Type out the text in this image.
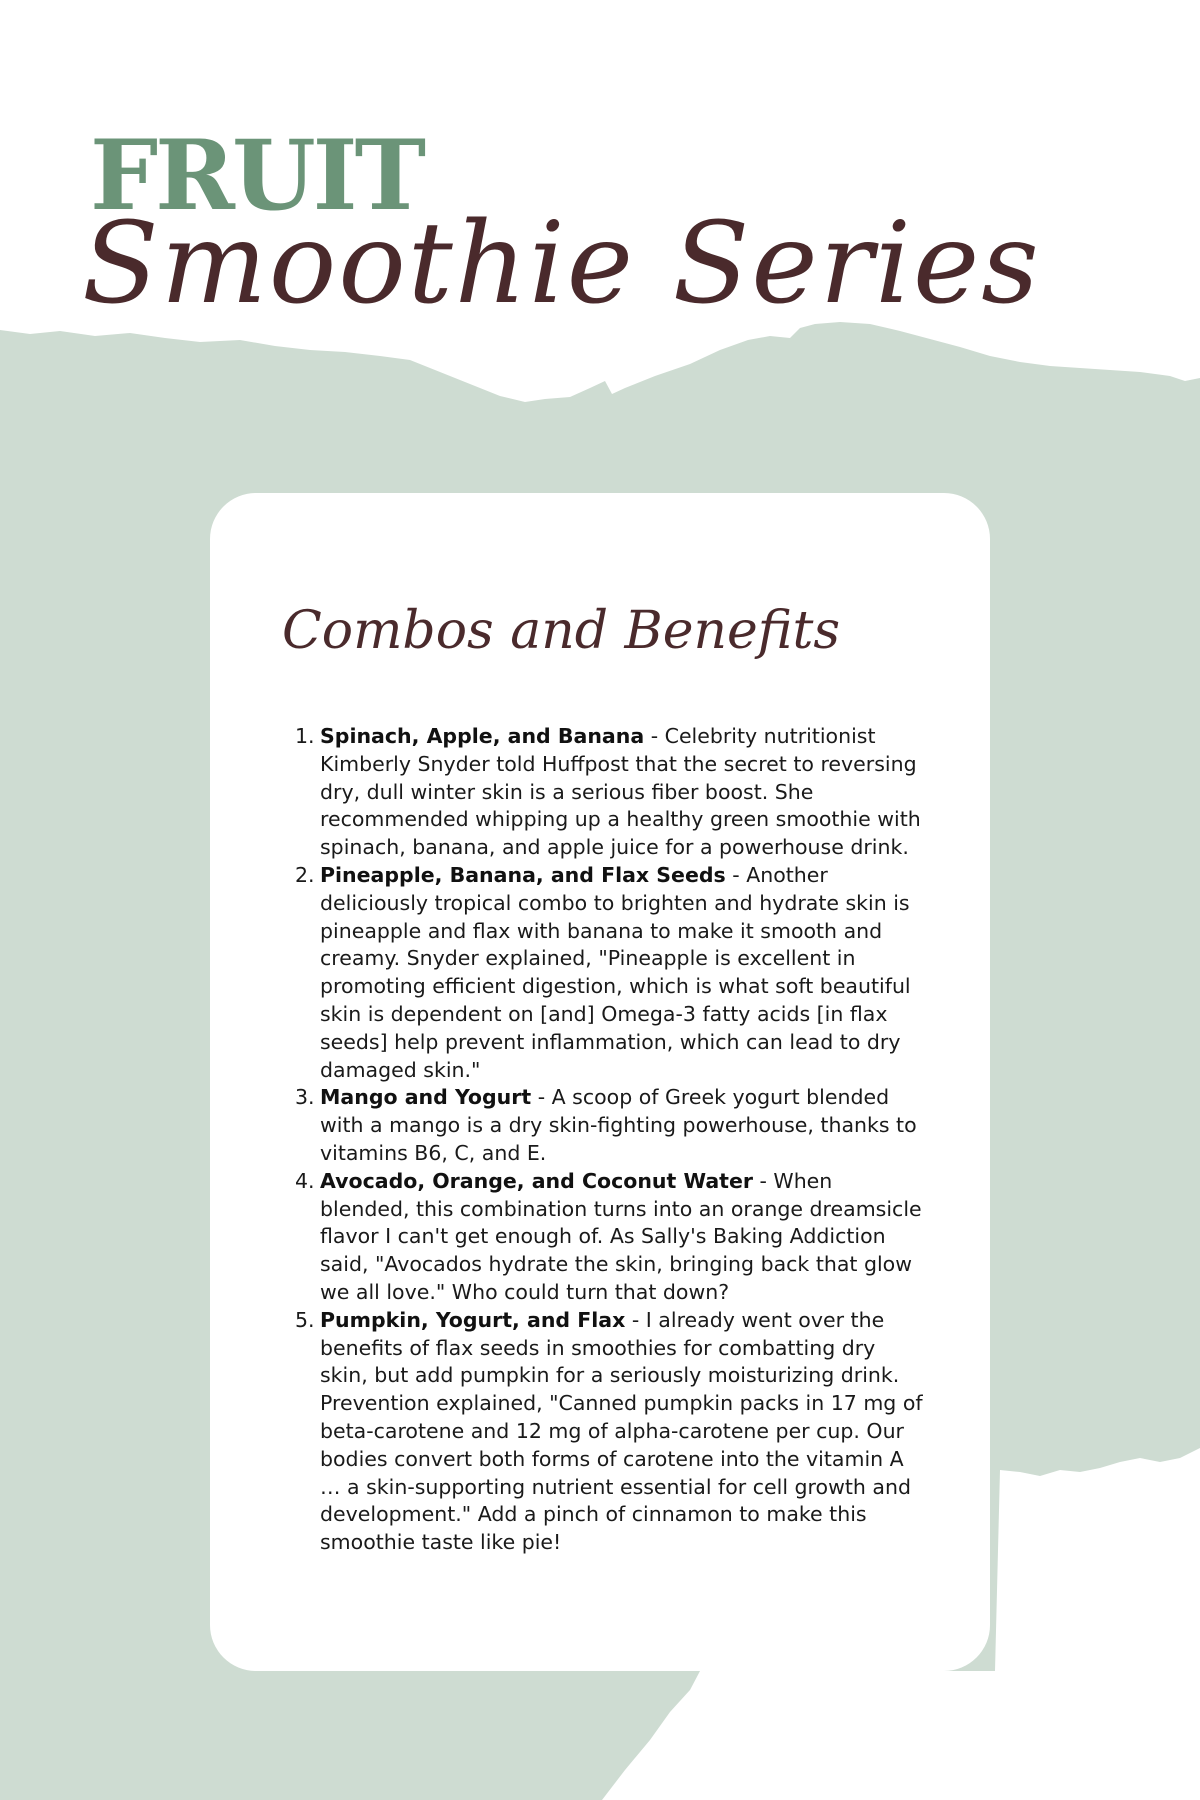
FRUIT
Smoothie Series
Combos and Benefits
1. Spinach, Apple, and Banana - Celebrity nutritionist Kimberly Snyder told Huffpost that the secret to reversing dry, dull winter skin is a serious fiber boost. She recommended whipping up a healthy green smoothie with spinach, banana, and apple juice for a powerhouse drink.
2. Pineapple, Banana, and Flax Seeds - Another deliciously tropical combo to brighten and hydrate skin is pineapple and flax with banana to make it smooth and creamy. Snyder explained, "Pineapple is excellent in promoting efficient digestion, which is what soft beautiful skin is dependent on [and] Omega-3 fatty acids [in flax seeds] help prevent inflammation, which can lead to dry damaged skin."
3. Mango and Yogurt - A scoop of Greek yogurt blended with a mango is a dry skin-fighting powerhouse, thanks to vitamins B6, C, and E.
4. Avocado, Orange, and Coconut Water - When blended, this combination turns into an orange dreamsicle flavor I can't get enough of. As Sally's Baking Addiction said, "Avocados hydrate the skin, bringing back that glow we all love." Who could turn that down?
5. Pumpkin, Yogurt, and Flax - I already went over the benefits of flax seeds in smoothies for combatting dry skin, but add pumpkin for a seriously moisturizing drink. Prevention explained, "Canned pumpkin packs in 17 mg of beta-carotene and 12 mg of alpha-carotene per cup. Our bodies convert both forms of carotene into the vitamin A … a skin-supporting nutrient essential for cell growth and development." Add a pinch of cinnamon to make this smoothie taste like pie!
